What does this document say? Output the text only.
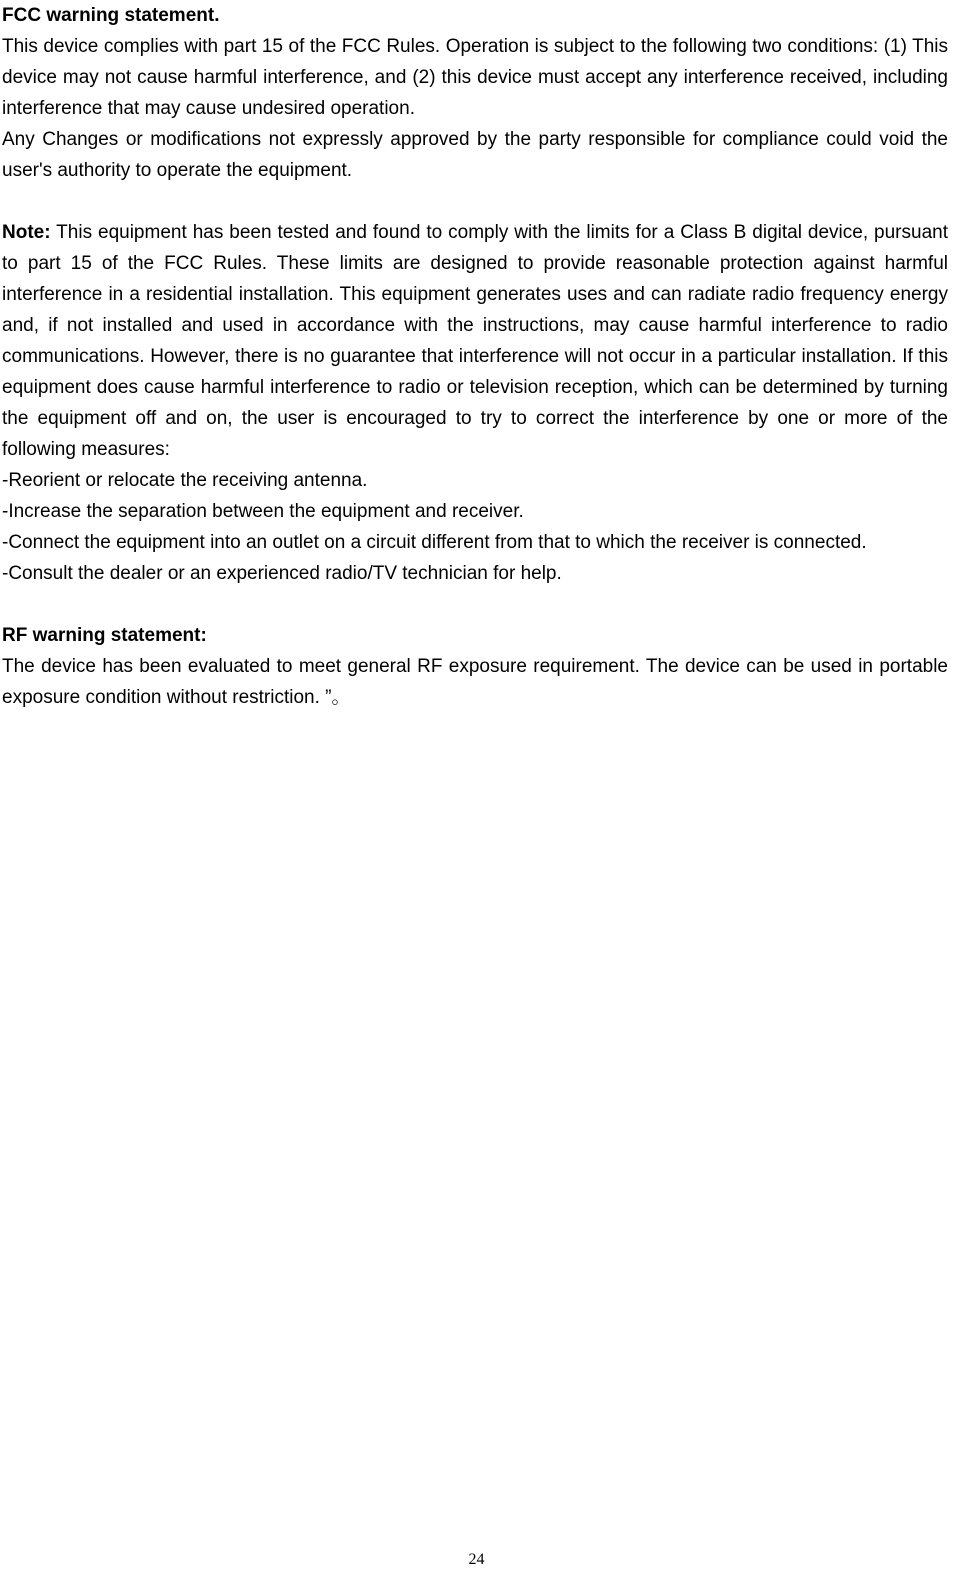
FCC warning statement.

This device complies with part 15 of the FCC Rules. Operation is subject to the following two conditions: (1) This device may not cause harmful interference, and (2) this device must accept any interference received, including interference that may cause undesired operation.

Any Changes or modifications not expressly approved by the party responsible for compliance could void the user's authority to operate the equipment.

Note: This equipment has been tested and found to comply with the limits for a Class B digital device, pursuant to part 15 of the FCC Rules. These limits are designed to provide reasonable protection against harmful interference in a residential installation. This equipment generates uses and can radiate radio frequency energy and, if not installed and used in accordance with the instructions, may cause harmful interference to radio communications. However, there is no guarantee that interference will not occur in a particular installation. If this equipment does cause harmful interference to radio or television reception, which can be determined by turning the equipment off and on, the user is encouraged to try to correct the interference by one or more of the following measures:

-Reorient or relocate the receiving antenna.

-Increase the separation between the equipment and receiver.

-Connect the equipment into an outlet on a circuit different from that to which the receiver is connected.

-Consult the dealer or an experienced radio/TV technician for help.

RF warning statement:

The device has been evaluated to meet general RF exposure requirement. The device can be used in portable exposure condition without restriction. ”。

24
